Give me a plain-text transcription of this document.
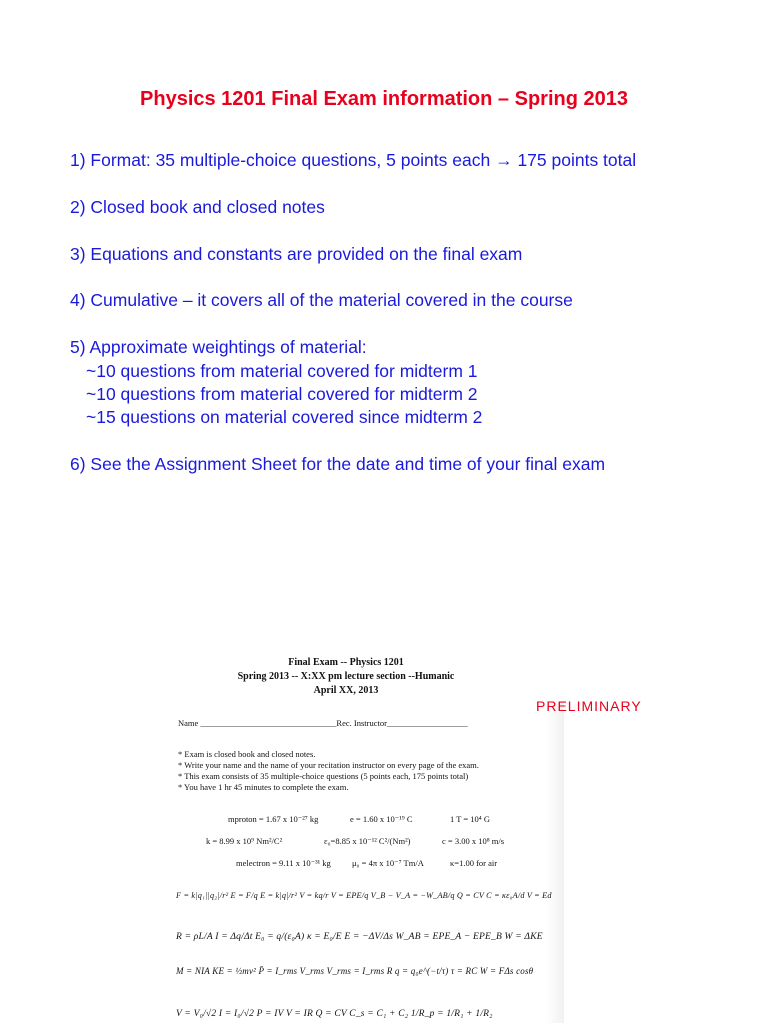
Physics 1201 Final Exam information – Spring 2013
1) Format: 35 multiple-choice questions, 5 points each → 175 points total
2) Closed book and closed notes
3) Equations and constants are provided on the final exam
4) Cumulative – it covers all of the material covered in the course
5) Approximate weightings of material:
~10 questions from material covered for midterm 1
~10 questions from material covered for midterm 2
~15 questions on material covered since midterm 2
6) See the Assignment Sheet for the date and time of your final exam
Final Exam -- Physics 1201
Spring 2013 -- X:XX pm lecture section --Humanic
April XX, 2013
Name ________________________________Rec. Instructor___________________
* Exam is closed book and closed notes.
* Write your name and the name of your recitation instructor on every page of the exam.
* This exam consists of 35 multiple-choice questions (5 points each, 175 points total)
* You have 1 hr 45 minutes to complete the exam.
mproton = 1.67 x 10⁻²⁷ kg	e = 1.60 x 10⁻¹⁹ C	1 T = 10⁴ G
k = 8.99 x 10⁹ Nm²/C²	ε₀=8.85 x 10⁻¹² C²/(Nm²)	c = 3.00 x 10⁸ m/s
melectron = 9.11 x 10⁻³¹ kg μ₀ = 4π x 10⁻⁷ Tm/A	κ=1.00 for air
F = k|q₁||q₂|/r² E = F/q E = k|q|/r² V = kq/r V = EPE/q V_B − V_A = −W_AB/q Q = CV C = κε₀A/d V = Ed
R = ρL/A I = Δq/Δt E₀ = q/(ε₀A) κ = E₀/E E = −ΔV/Δs W_AB = EPE_A − EPE_B W = ΔKE
M = NIA KE = ½mv² P̄ = I_rms V_rms V_rms = I_rms R q = q₀e^(−t/τ) τ = RC W = FΔs cosθ
V = V₀/√2 I = I₀/√2 P = IV V = IR Q = CV C_s = C₁ + C₂ 1/R_p = 1/R₁ + 1/R₂
PRELIMINARY
